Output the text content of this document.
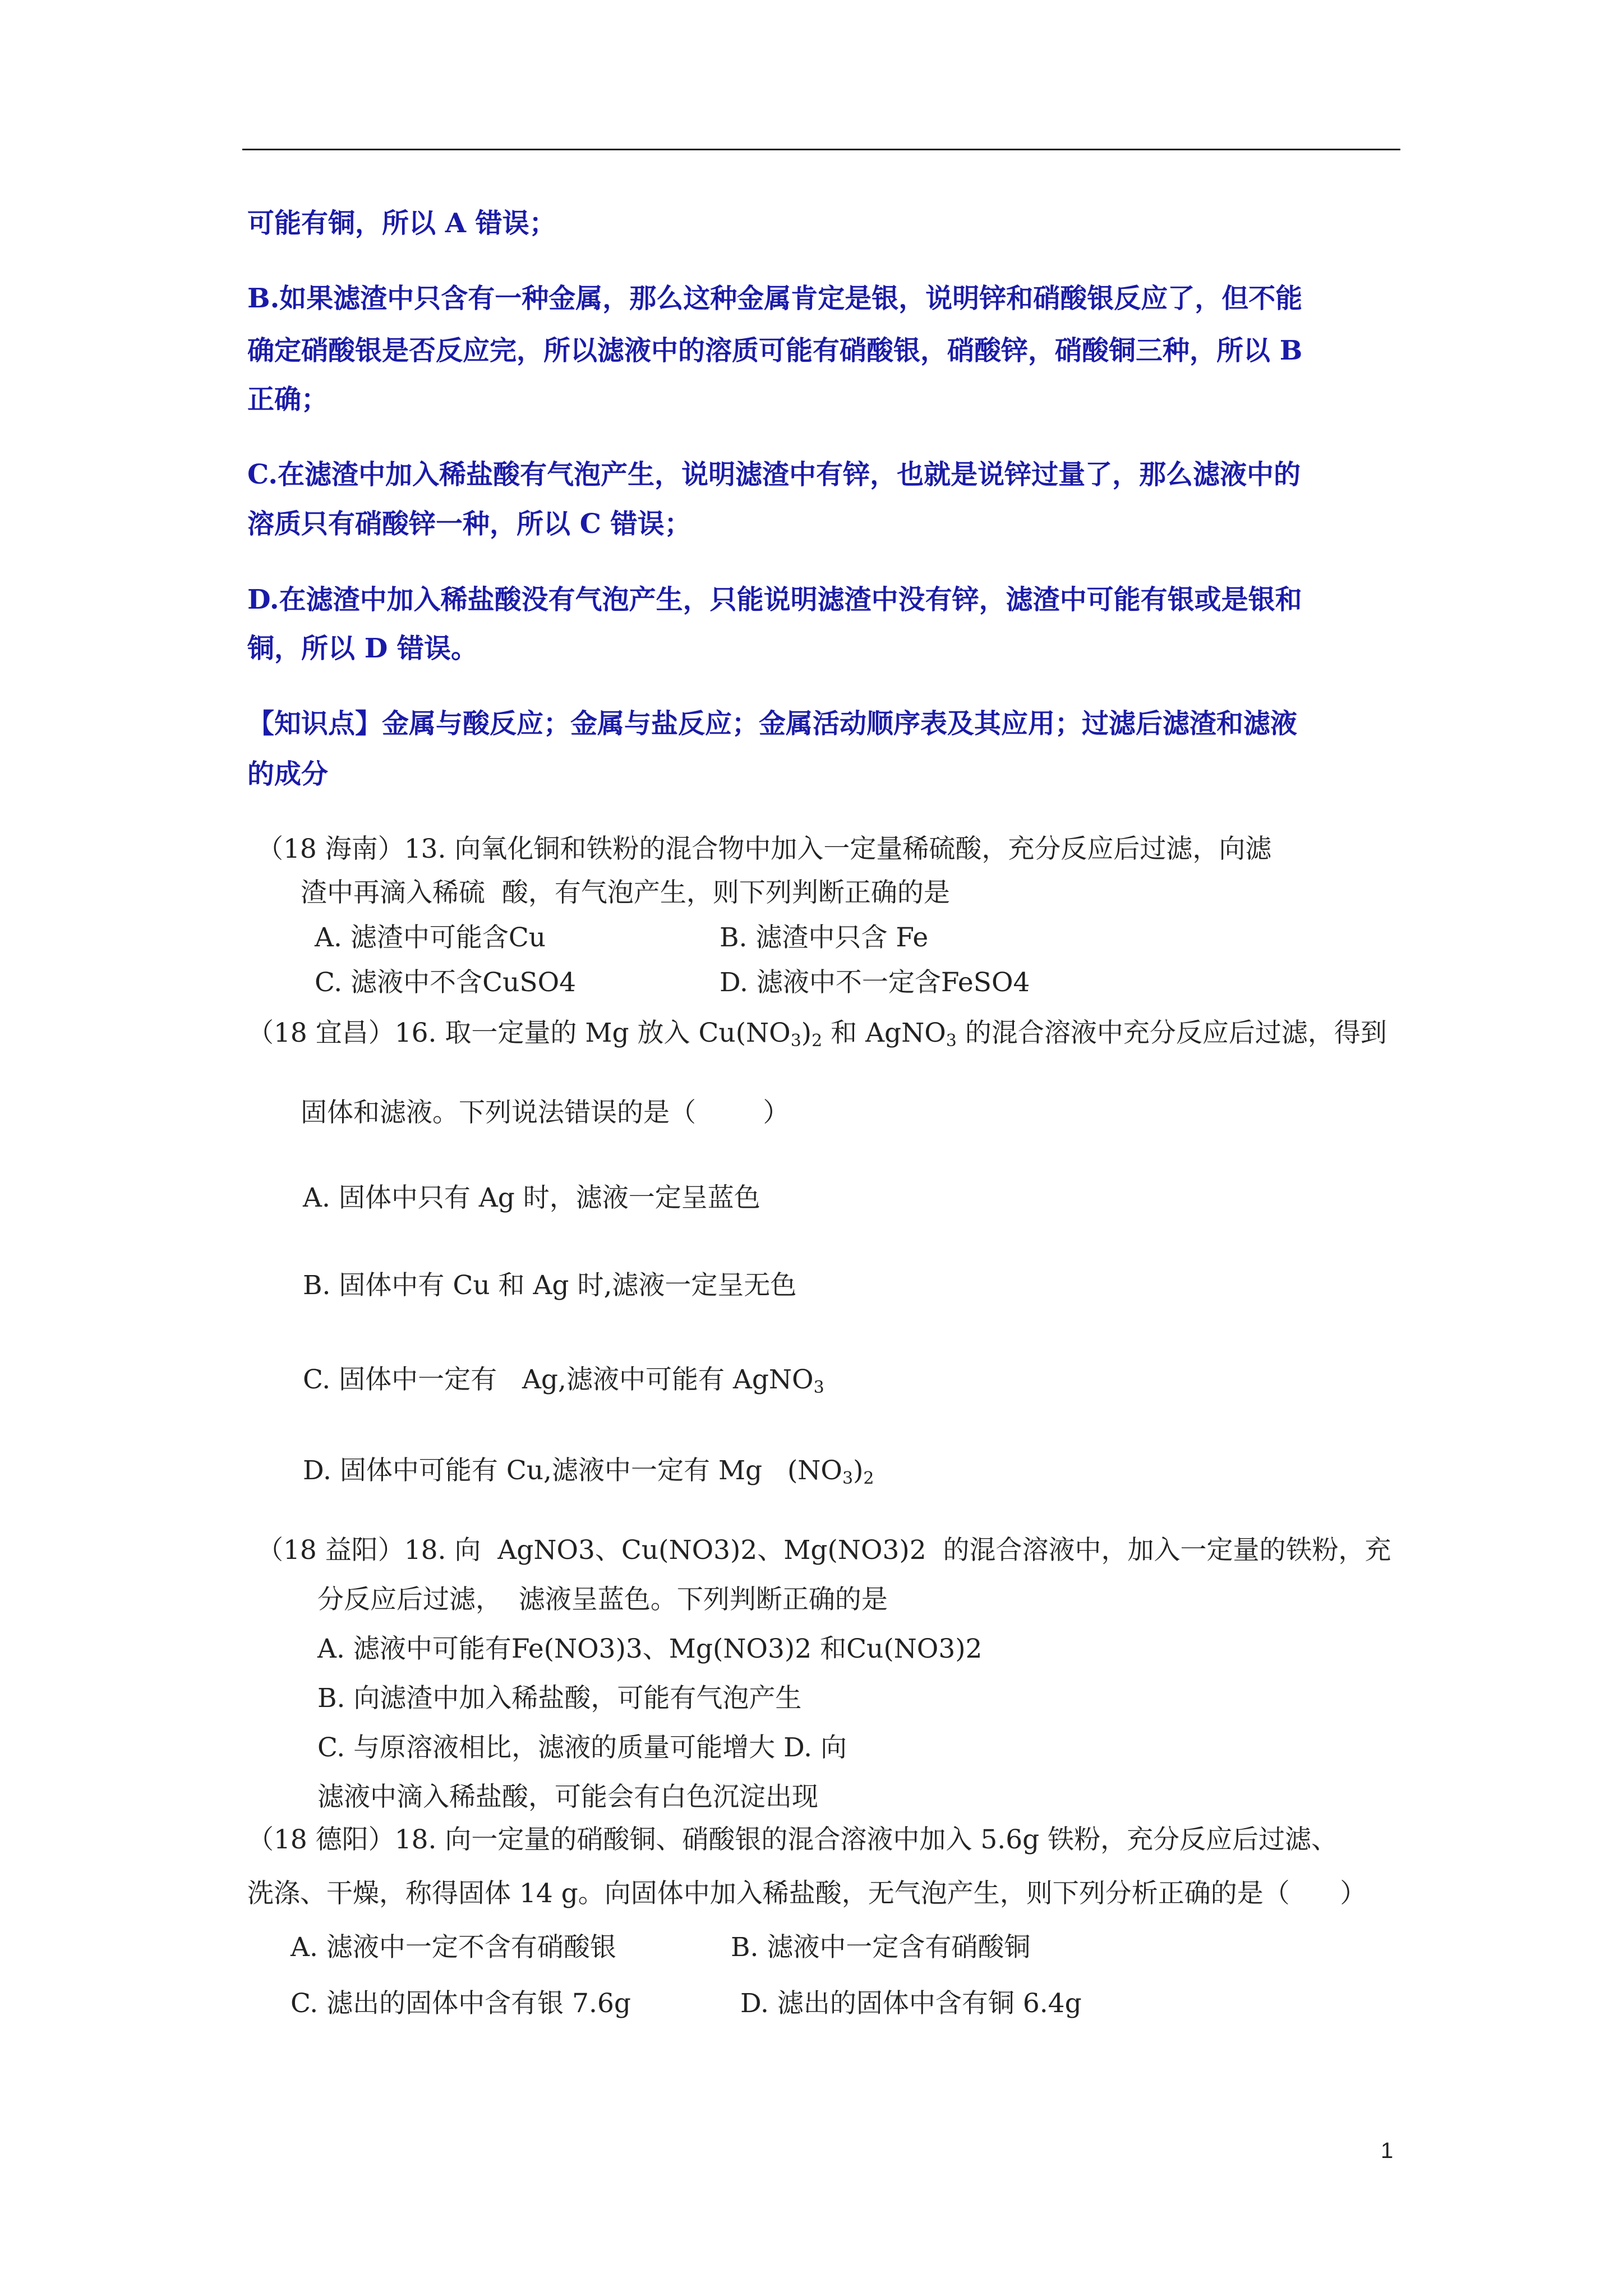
可能有铜，所以 A 错误；
B.如果滤渣中只含有一种金属，那么这种金属肯定是银，说明锌和硝酸银反应了，但不能
确定硝酸银是否反应完，所以滤液中的溶质可能有硝酸银，硝酸锌，硝酸铜三种，所以 B
正确；
C.在滤渣中加入稀盐酸有气泡产生，说明滤渣中有锌，也就是说锌过量了，那么滤液中的
溶质只有硝酸锌一种，所以 C 错误；
D.在滤渣中加入稀盐酸没有气泡产生，只能说明滤渣中没有锌，滤渣中可能有银或是银和
铜，所以 D 错误。
【知识点】金属与酸反应；金属与盐反应；金属活动顺序表及其应用；过滤后滤渣和滤液
的成分
（18 海南）13. 向氧化铜和铁粉的混合物中加入一定量稀硫酸，充分反应后过滤，向滤
渣中再滴入稀硫  酸，有气泡产生，则下列判断正确的是
A. 滤渣中可能含Cu	B. 滤渣中只含 Fe
C. 滤液中不含CuSO4	D. 滤液中不一定含FeSO4
（18 宜昌）16. 取一定量的 Mg 放入 $Cu(NO_3)_2$ 和 AgNO$_3$ 的混合溶液中充分反应后过滤，得到
固体和滤液。下列说法错误的是（        ）
A. 固体中只有 Ag 时，滤液一定呈蓝色
B. 固体中有 Cu 和 Ag 时,滤液一定呈无色
C. 固体中一定有   Ag,滤液中可能有 AgNO$_3$
D. 固体中可能有 Cu,滤液中一定有 Mg   $(NO_3)_2$
（18 益阳）18. 向  AgNO3、Cu(NO3)2、Mg(NO3)2  的混合溶液中，加入一定量的铁粉，充
分反应后过滤，  滤液呈蓝色。下列判断正确的是
A. 滤液中可能有Fe(NO3)3、Mg(NO3)2 和Cu(NO3)2
B. 向滤渣中加入稀盐酸，可能有气泡产生
C. 与原溶液相比，滤液的质量可能增大 D. 向
滤液中滴入稀盐酸，可能会有白色沉淀出现
（18 德阳）18. 向一定量的硝酸铜、硝酸银的混合溶液中加入 5.6g 铁粉，充分反应后过滤、
洗涤、干燥，称得固体 14 g。向固体中加入稀盐酸，无气泡产生，则下列分析正确的是（      ）
A. 滤液中一定不含有硝酸银	B. 滤液中一定含有硝酸铜
C. 滤出的固体中含有银 7.6g	D. 滤出的固体中含有铜 6.4g
1
